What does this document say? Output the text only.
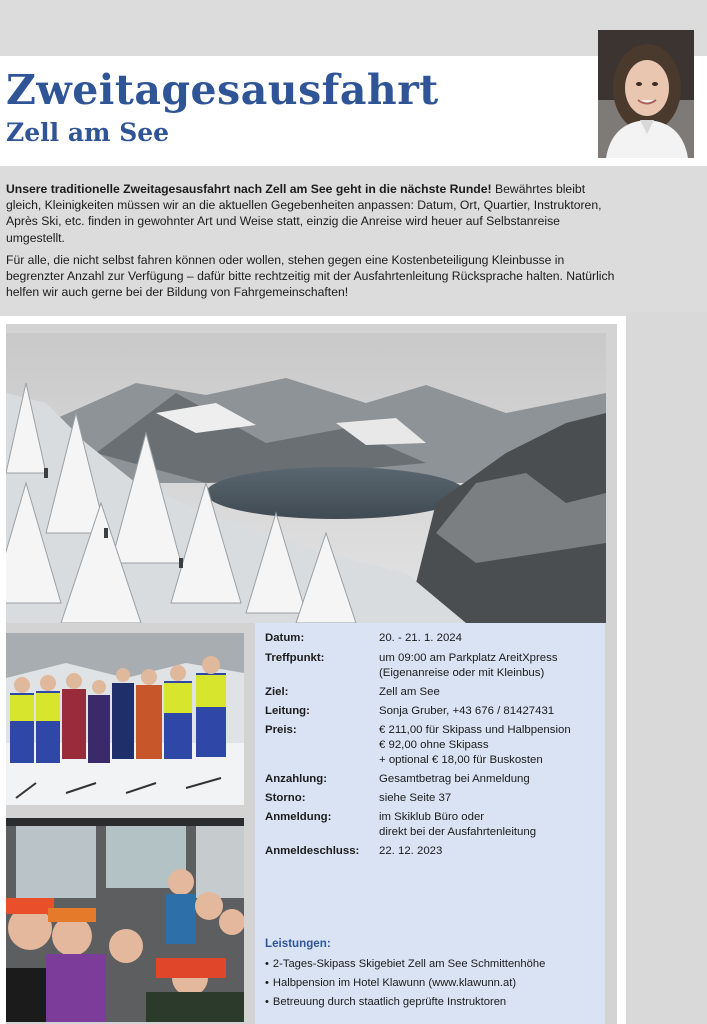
Zweitagesausfahrt
Zell am See

Unsere traditionelle Zweitagesausfahrt nach Zell am See geht in die nächste Runde! Bewährtes bleibt gleich, Kleinigkeiten müssen wir an die aktuellen Gegebenheiten anpassen: Datum, Ort, Quartier, Instruktoren, Après Ski, etc. finden in gewohnter Art und Weise statt, einzig die Anreise wird heuer auf Selbstanreise umgestellt.

Für alle, die nicht selbst fahren können oder wollen, stehen gegen eine Kostenbeteiligung Kleinbusse in begrenzter Anzahl zur Verfügung – dafür bitte rechtzeitig mit der Ausfahrtenleitung Rücksprache halten. Natürlich helfen wir auch gerne bei der Bildung von Fahrgemeinschaften!

Datum:	20. - 21. 1. 2024
Treffpunkt:	um 09:00 am Parkplatz AreitXpress
(Eigenanreise oder mit Kleinbus)
Ziel:	Zell am See
Leitung:	Sonja Gruber, +43 676 / 81427431
Preis:	€ 211,00 für Skipass und Halbpension
€ 92,00 ohne Skipass
+ optional € 18,00 für Buskosten
Anzahlung:	Gesamtbetrag bei Anmeldung
Storno:	siehe Seite 37
Anmeldung:	im Skiklub Büro oder
direkt bei der Ausfahrtenleitung
Anmeldeschluss:	22. 12. 2023
Leistungen:
• 2-Tages-Skipass Skigebiet Zell am See Schmittenhöhe
• Halbpension im Hotel Klawunn (www.klawunn.at)
• Betreuung durch staatlich geprüfte Instruktoren
